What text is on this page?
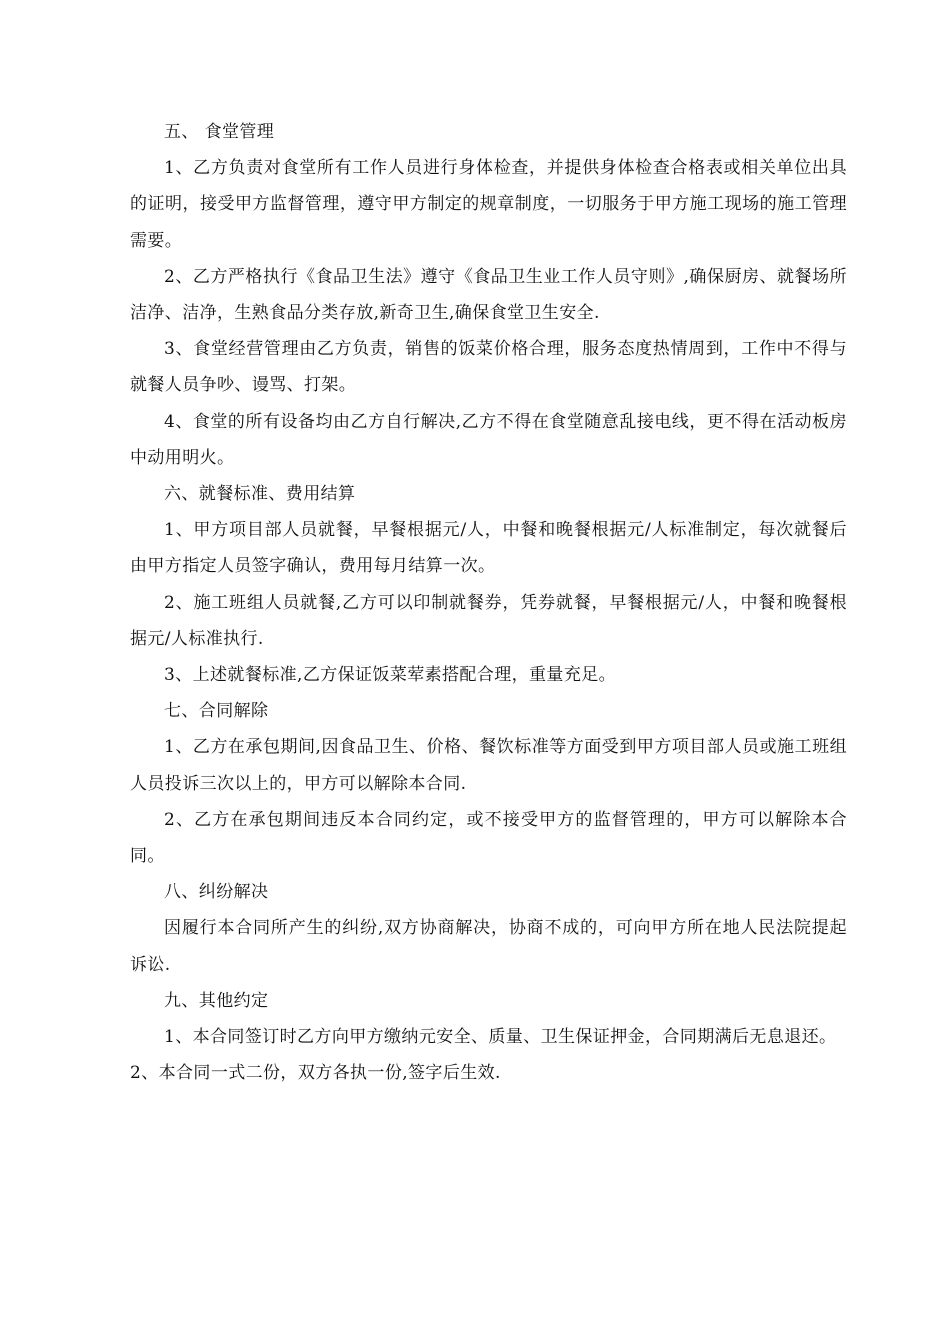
五、 食堂管理

1、乙方负责对食堂所有工作人员进行身体检查，并提供身体检查合格表或相关单位出具的证明，接受甲方监督管理，遵守甲方制定的规章制度，一切服务于甲方施工现场的施工管理需要。

2、乙方严格执行《食品卫生法》遵守《食品卫生业工作人员守则》,确保厨房、就餐场所洁净、洁净，生熟食品分类存放,新奇卫生,确保食堂卫生安全.

3、食堂经营管理由乙方负责，销售的饭菜价格合理，服务态度热情周到，工作中不得与就餐人员争吵、谩骂、打架。

4、食堂的所有设备均由乙方自行解决,乙方不得在食堂随意乱接电线，更不得在活动板房中动用明火。

六、就餐标准、费用结算

1、甲方项目部人员就餐，早餐根据元/人，中餐和晚餐根据元/人标准制定，每次就餐后由甲方指定人员签字确认，费用每月结算一次。

2、施工班组人员就餐,乙方可以印制就餐券，凭券就餐，早餐根据元/人，中餐和晚餐根据元/人标准执行.

3、上述就餐标准,乙方保证饭菜荤素搭配合理，重量充足。

七、合同解除

1、乙方在承包期间,因食品卫生、价格、餐饮标准等方面受到甲方项目部人员或施工班组人员投诉三次以上的，甲方可以解除本合同.

2、乙方在承包期间违反本合同约定，或不接受甲方的监督管理的，甲方可以解除本合同。

八、纠纷解决

因履行本合同所产生的纠纷,双方协商解决，协商不成的，可向甲方所在地人民法院提起诉讼.

九、其他约定

1、本合同签订时乙方向甲方缴纳元安全、质量、卫生保证押金，合同期满后无息退还。

2、本合同一式二份，双方各执一份,签字后生效.
